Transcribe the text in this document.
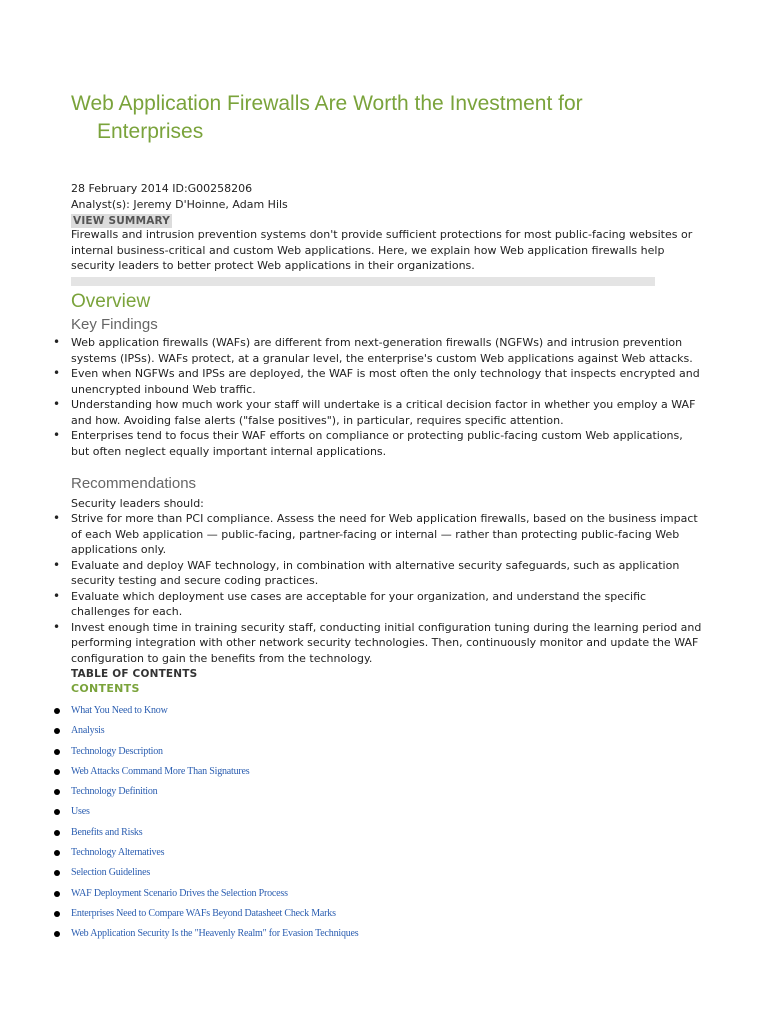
Web Application Firewalls Are Worth the Investment for
Enterprises
28 February 2014 ID:G00258206
Analyst(s): Jeremy D'Hoinne, Adam Hils
VIEW SUMMARY
Firewalls and intrusion prevention systems don't provide sufficient protections for most public-facing websites or internal business-critical and custom Web applications. Here, we explain how Web application firewalls help security leaders to better protect Web applications in their organizations.
Overview
Key Findings
• Web application firewalls (WAFs) are different from next-generation firewalls (NGFWs) and intrusion prevention systems (IPSs). WAFs protect, at a granular level, the enterprise's custom Web applications against Web attacks.
• Even when NGFWs and IPSs are deployed, the WAF is most often the only technology that inspects encrypted and unencrypted inbound Web traffic.
• Understanding how much work your staff will undertake is a critical decision factor in whether you employ a WAF and how. Avoiding false alerts ("false positives"), in particular, requires specific attention.
• Enterprises tend to focus their WAF efforts on compliance or protecting public-facing custom Web applications, but often neglect equally important internal applications.
Recommendations
Security leaders should:
• Strive for more than PCI compliance. Assess the need for Web application firewalls, based on the business impact of each Web application — public-facing, partner-facing or internal — rather than protecting public-facing Web applications only.
• Evaluate and deploy WAF technology, in combination with alternative security safeguards, such as application security testing and secure coding practices.
• Evaluate which deployment use cases are acceptable for your organization, and understand the specific challenges for each.
• Invest enough time in training security staff, conducting initial configuration tuning during the learning period and performing integration with other network security technologies. Then, continuously monitor and update the WAF configuration to gain the benefits from the technology.
TABLE OF CONTENTS
CONTENTS
What You Need to Know
Analysis
Technology Description
Web Attacks Command More Than Signatures
Technology Definition
Uses
Benefits and Risks
Technology Alternatives
Selection Guidelines
WAF Deployment Scenario Drives the Selection Process
Enterprises Need to Compare WAFs Beyond Datasheet Check Marks
Web Application Security Is the "Heavenly Realm" for Evasion Techniques
